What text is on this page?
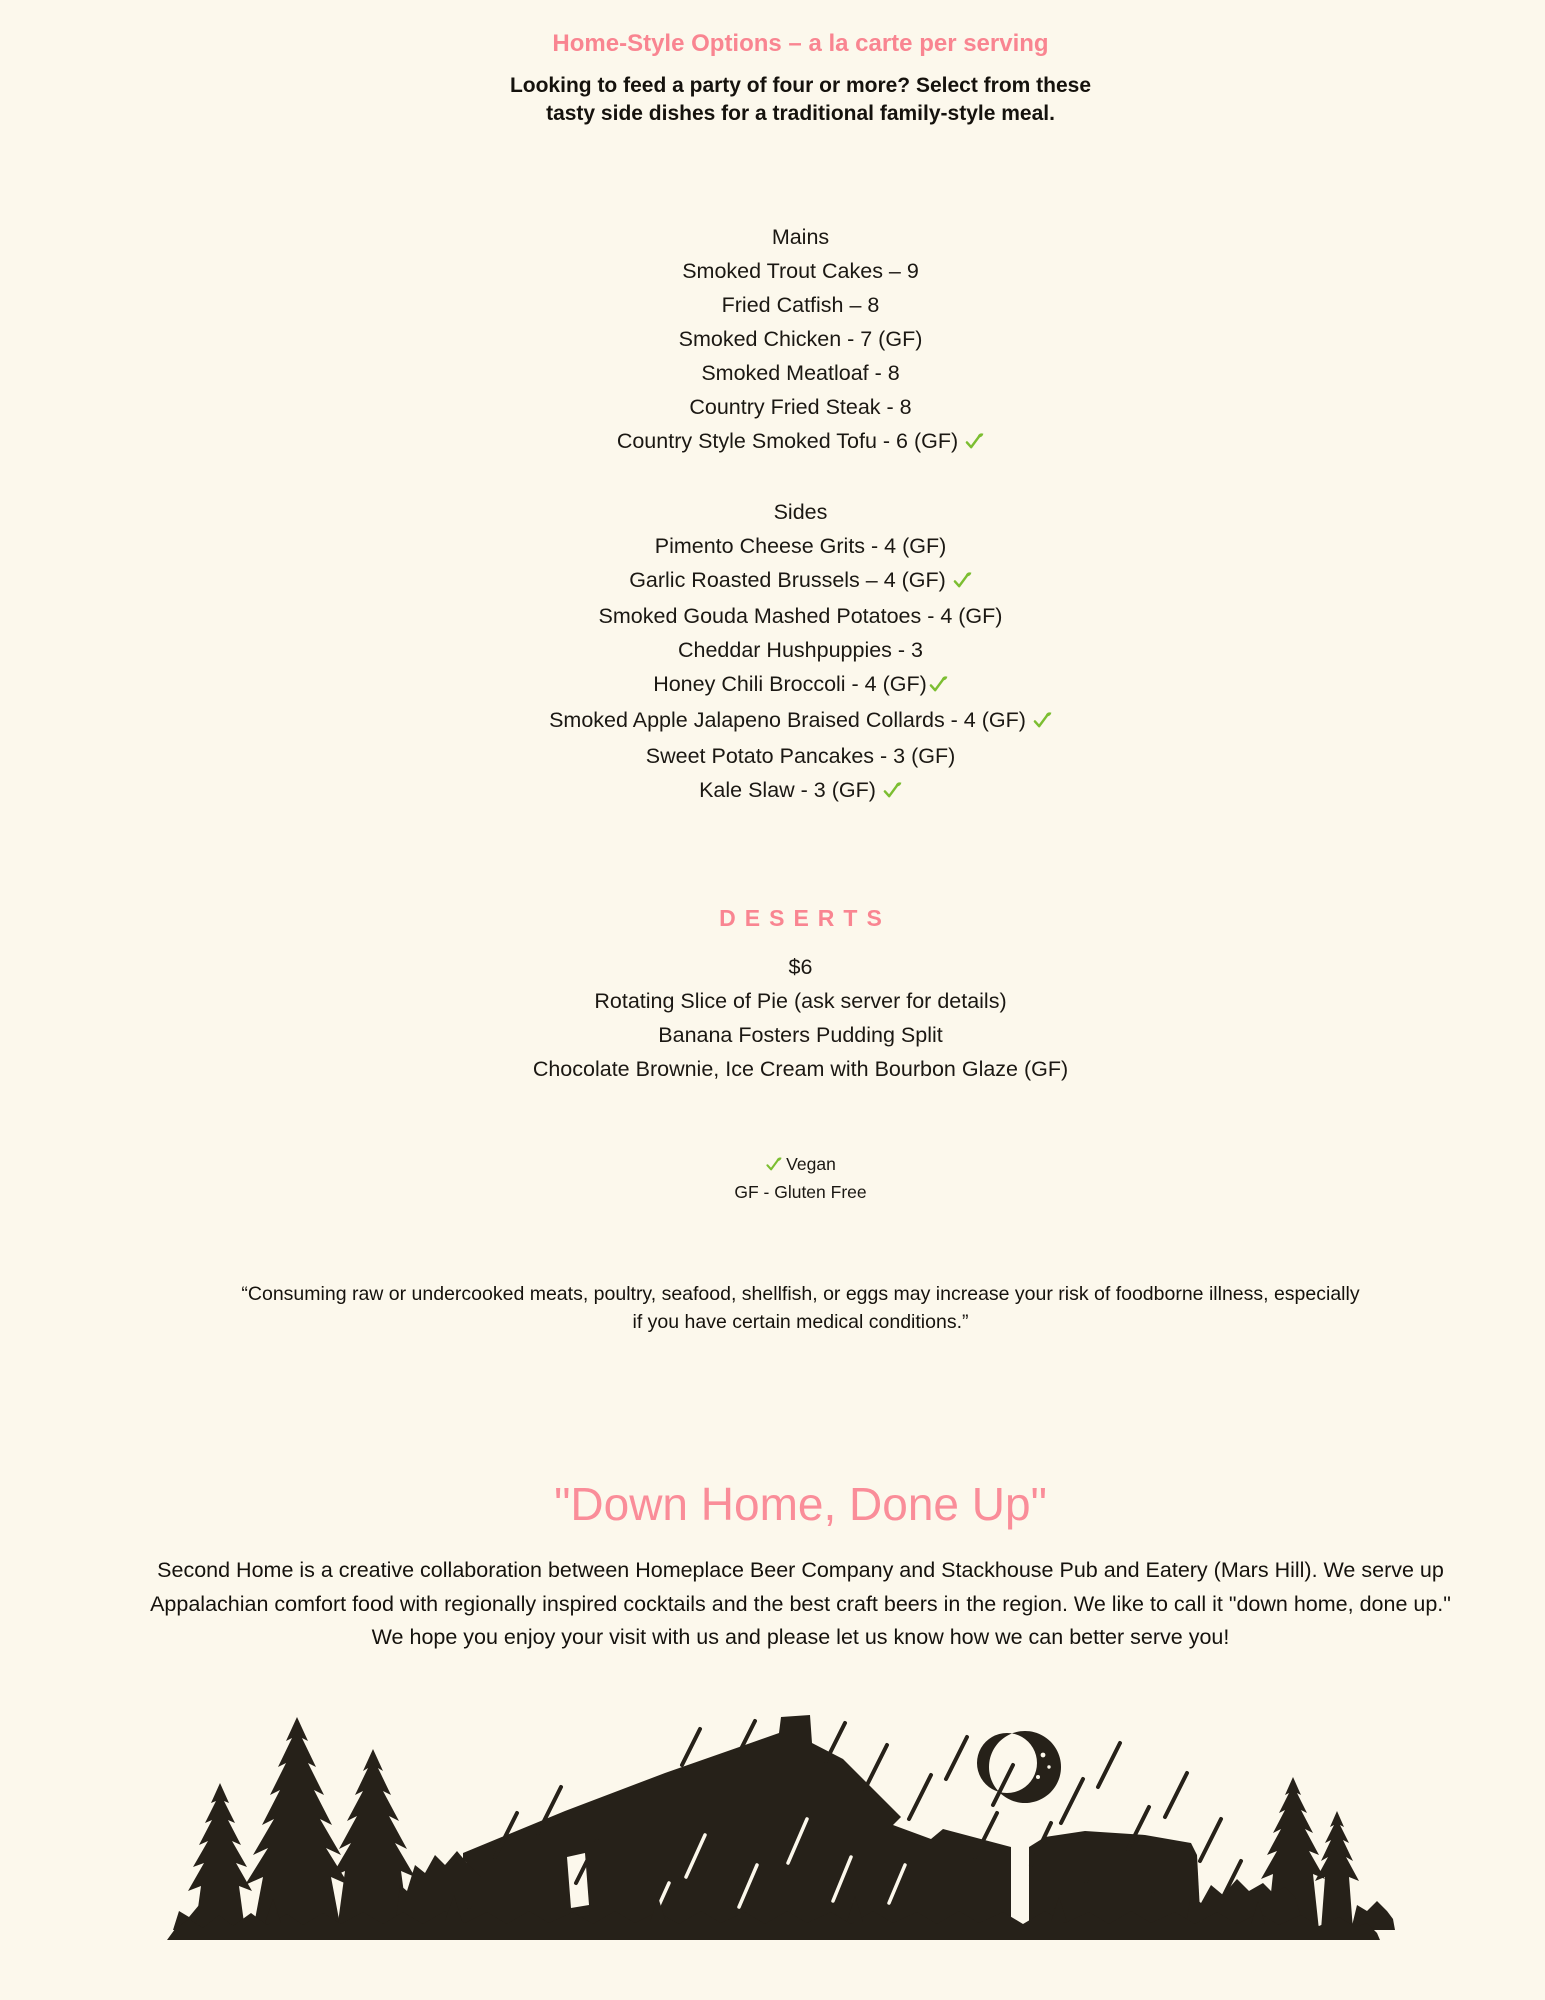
Home-Style Options – a la carte per serving
Looking to feed a party of four or more? Select from these
tasty side dishes for a traditional family-style meal.
Mains
Smoked Trout Cakes – 9
Fried Catfish – 8
Smoked Chicken - 7 (GF)
Smoked Meatloaf - 8
Country Fried Steak - 8
Country Style Smoked Tofu - 6 (GF)
Sides
Pimento Cheese Grits - 4 (GF)
Garlic Roasted Brussels – 4 (GF)
Smoked Gouda Mashed Potatoes - 4 (GF)
Cheddar Hushpuppies - 3
Honey Chili Broccoli - 4 (GF)
Smoked Apple Jalapeno Braised Collards - 4 (GF)
Sweet Potato Pancakes - 3 (GF)
Kale Slaw - 3 (GF)
DESERTS
$6
Rotating Slice of Pie (ask server for details)
Banana Fosters Pudding Split
Chocolate Brownie, Ice Cream with Bourbon Glaze (GF)
Vegan
GF - Gluten Free

“Consuming raw or undercooked meats, poultry, seafood, shellfish, or eggs may increase your risk of foodborne illness, especially if you have certain medical conditions.”

"Down Home, Done Up"

Second Home is a creative collaboration between Homeplace Beer Company and Stackhouse Pub and Eatery (Mars Hill). We serve up Appalachian comfort food with regionally inspired cocktails and the best craft beers in the region. We like to call it "down home, done up." We hope you enjoy your visit with us and please let us know how we can better serve you!
